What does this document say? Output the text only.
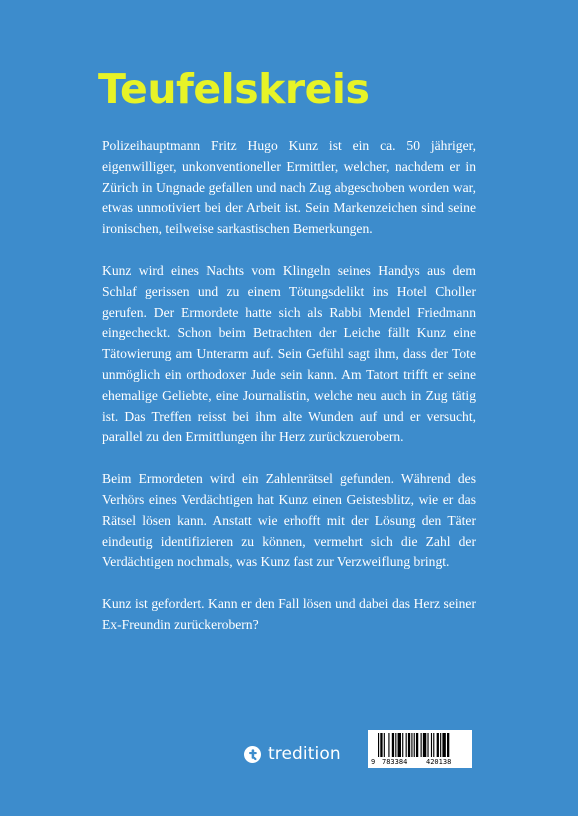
Teufelskreis

Polizeihauptmann Fritz Hugo Kunz ist ein ca. 50 jähriger, eigenwilliger, unkonventioneller Ermittler, welcher, nachdem er in Zürich in Ungnade gefallen und nach Zug abgeschoben worden war, etwas unmotiviert bei der Arbeit ist. Sein Markenzeichen sind seine ironischen, teilweise sarkastischen Bemerkungen.

Kunz wird eines Nachts vom Klingeln seines Handys aus dem Schlaf gerissen und zu einem Tötungsdelikt ins Hotel Choller gerufen. Der Ermordete hatte sich als Rabbi Mendel Friedmann eingecheckt. Schon beim Betrachten der Leiche fällt Kunz eine Tätowierung am Unterarm auf. Sein Gefühl sagt ihm, dass der Tote unmöglich ein orthodoxer Jude sein kann. Am Tatort trifft er seine ehemalige Geliebte, eine Journalistin, welche neu auch in Zug tätig ist. Das Treffen reisst bei ihm alte Wunden auf und er versucht, parallel zu den Ermittlungen ihr Herz zurückzuerobern.

Beim Ermordeten wird ein Zahlenrätsel gefunden. Während des Verhörs eines Verdächtigen hat Kunz einen Geistesblitz, wie er das Rätsel lösen kann. Anstatt wie erhofft mit der Lösung den Täter eindeutig identifizieren zu können, vermehrt sich die Zahl der Verdächtigen nochmals, was Kunz fast zur Verzweiflung bringt.

Kunz ist gefordert. Kann er den Fall lösen und dabei das Herz seiner Ex-Freundin zurückerobern?

tredition	9 783384	420138
